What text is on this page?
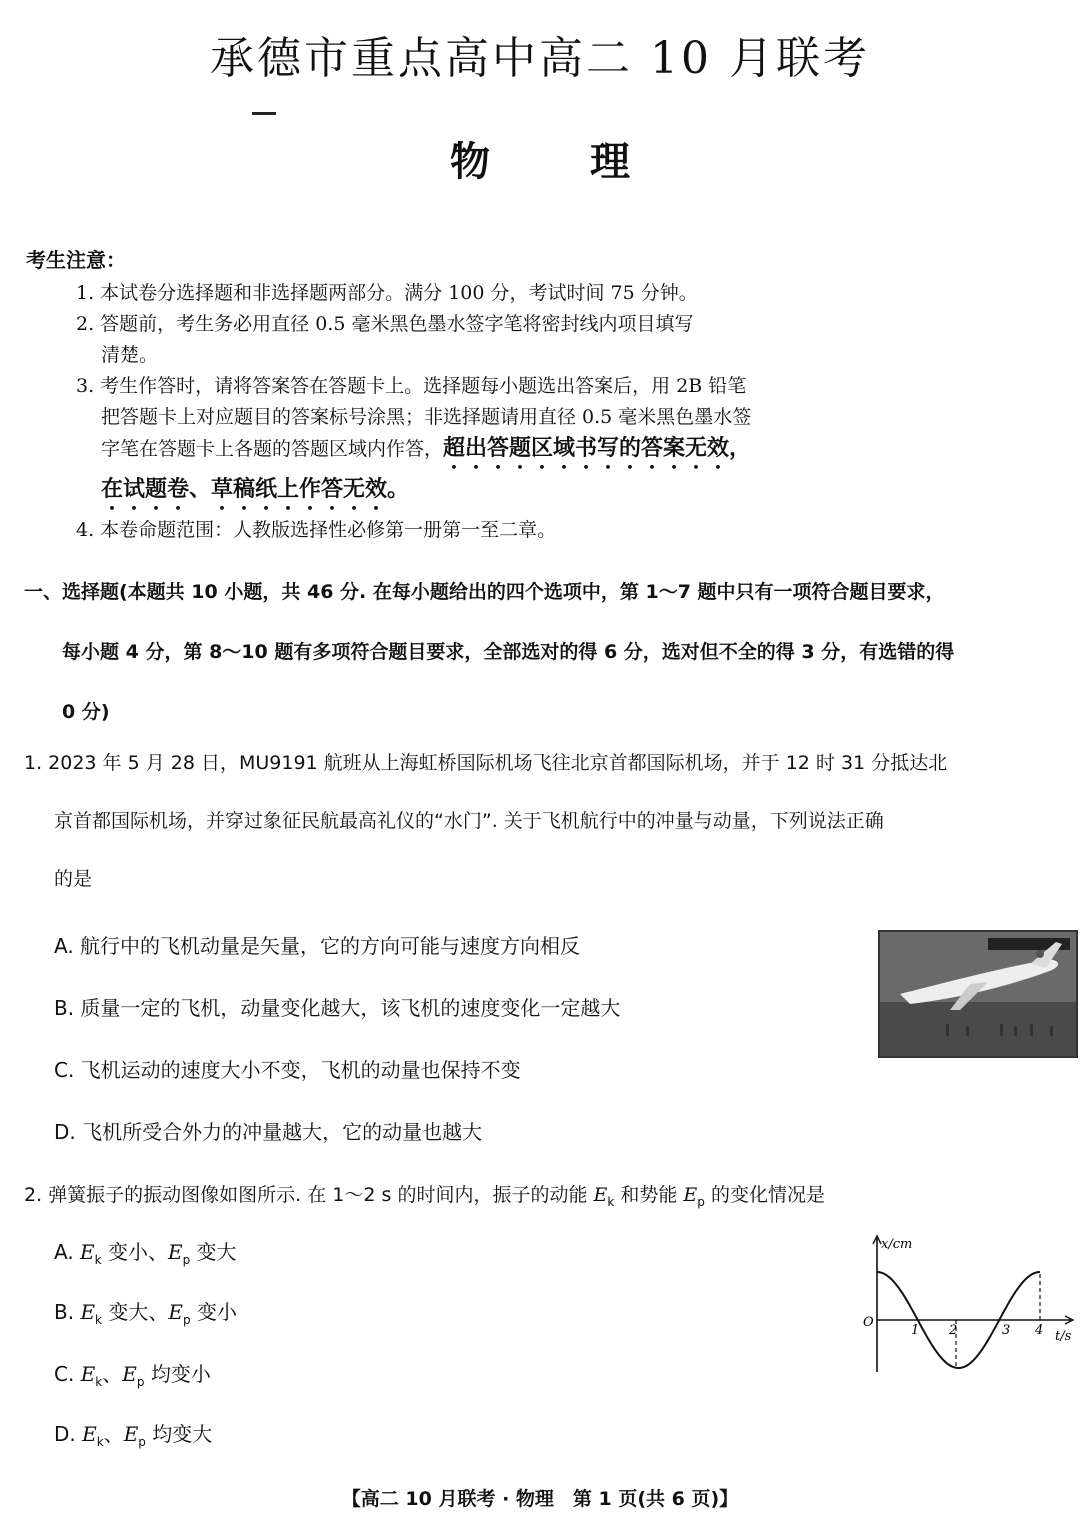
承德市重点高中高二 10 月联考
物	理
考生注意：
1. 本试卷分选择题和非选择题两部分。满分 100 分，考试时间 75 分钟。
2. 答题前，考生务必用直径 0.5 毫米黑色墨水签字笔将密封线内项目填写
清楚。
3. 考生作答时，请将答案答在答题卡上。选择题每小题选出答案后，用 2B 铅笔
把答题卡上对应题目的答案标号涂黑；非选择题请用直径 0.5 毫米黑色墨水签
字笔在答题卡上各题的答题区域内作答，超出答题区域书写的答案无效，
在试题卷、草稿纸上作答无效。
4. 本卷命题范围：人教版选择性必修第一册第一至二章。
一、选择题(本题共 10 小题，共 46 分. 在每小题给出的四个选项中，第 1～7 题中只有一项符合题目要求，
每小题 4 分，第 8～10 题有多项符合题目要求，全部选对的得 6 分，选对但不全的得 3 分，有选错的得
0 分)
1. 2023 年 5 月 28 日，MU9191 航班从上海虹桥国际机场飞往北京首都国际机场，并于 12 时 31 分抵达北
京首都国际机场，并穿过象征民航最高礼仪的“水门”. 关于飞机航行中的冲量与动量，下列说法正确
的是
A. 航行中的飞机动量是矢量，它的方向可能与速度方向相反
B. 质量一定的飞机，动量变化越大，该飞机的速度变化一定越大
C. 飞机运动的速度大小不变，飞机的动量也保持不变
D. 飞机所受合外力的冲量越大，它的动量也越大
2. 弹簧振子的振动图像如图所示. 在 1～2 s 的时间内，振子的动能 $E_k$ 和势能 $E_p$ 的变化情况是
A. $E_k$ 变小、$E_p$ 变大
B. $E_k$ 变大、$E_p$ 变小
C. $E_k$、$E_p$ 均变小
D. $E_k$、$E_p$ 均变大
x/cm
t/s
O
1 2	3 4
【高二 10 月联考 · 物理　第 1 页(共 6 页)】
